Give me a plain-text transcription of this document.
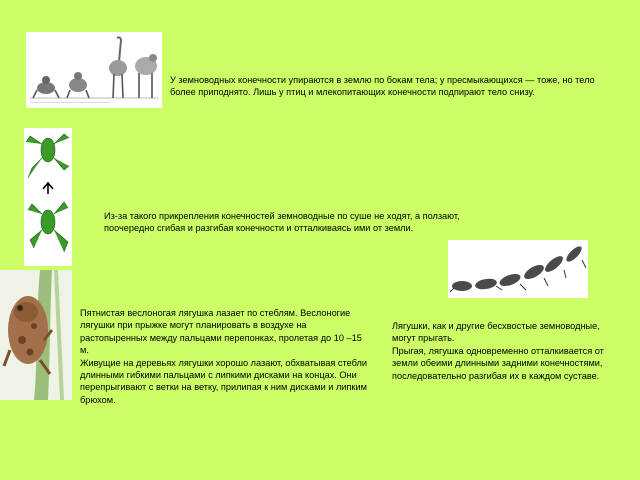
~~~~~~~~~~ ~~~~~~~~~~~~~ ~~~~~ ~~~~~~~~~~~

У земноводных конечности упираются в землю по бокам тела; у пресмыкающихся — тоже, но тело более приподнято. Лишь у птиц и млекопитающих конечности подпирают тело снизу.

Из-за такого прикрепления конечностей земноводные по суше не ходят, а ползают, поочередно сгибая и разгибая конечности и отталкиваясь ими от земли.

Пятнистая веслоногая лягушка лазает по стеблям. Веслоногие лягушки при прыжке могут планировать в воздухе на растопыренных между пальцами перепонках, пролетая до 10 –15 м.

Живущие на деревьях лягушки хорошо лазают, обхватывая стебли длинными гибкими пальцами с липкими дисками на концах. Они перепрыгивают с ветки на ветку, прилипая к ним дисками и липким брюхом.

Лягушки, как и другие бесхвостые земноводные, могут прыгать.

Прыгая, лягушка одновременно отталкивается от земли обеими длинными задними конечностями, последовательно разгибая их в каждом суставе.
